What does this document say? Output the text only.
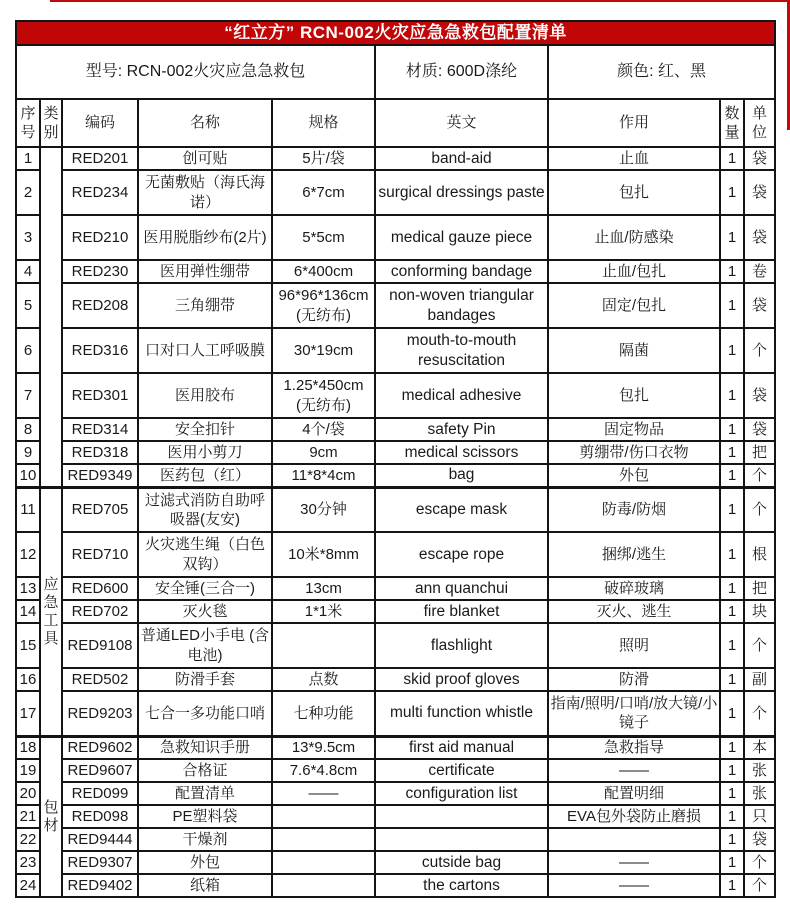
“红立方” RCN-002火灾应急急救包配置清单								
型号: RCN-002火灾应急急救包					材质: 600D涤纶	颜色: 红、黑		
序号	类别	编码	名称	规格	英文	作用	数量	单位
1		RED201	创可贴	5片/袋	band-aid	止血	1	袋
2		RED234	无菌敷贴（海氏海诺）	6*7cm	surgical dressings paste	包扎	1	袋
3		RED210	医用脱脂纱布(2片)	5*5cm	medical gauze piece	止血/防感染	1	袋
4		RED230	医用弹性绷带	6*400cm	conforming bandage	止血/包扎	1	卷
5		RED208	三角绷带	96*96*136cm (无纺布)	non-woven triangular bandages	固定/包扎	1	袋
6		RED316	口对口人工呼吸膜	30*19cm	mouth-to-mouth resuscitation	隔菌	1	个
7		RED301	医用胶布	1.25*450cm (无纺布)	medical adhesive	包扎	1	袋
8		RED314	安全扣针	4个/袋	safety Pin	固定物品	1	袋
9		RED318	医用小剪刀	9cm	medical scissors	剪绷带/伤口衣物	1	把
10		RED9349	医药包（红）	11*8*4cm	bag	外包	1	个
11	应急工具	RED705	过滤式消防自助呼吸器(友安)	30分钟	escape mask	防毒/防烟	1	个
12		RED710	火灾逃生绳（白色双钩）	10米*8mm	escape rope	捆绑/逃生	1	根
13		RED600	安全锤(三合一)	13cm	ann quanchui	破碎玻璃	1	把
14		RED702	灭火毯	1*1米	fire blanket	灭火、逃生	1	块
15		RED9108	普通LED小手电 (含电池)		flashlight	照明	1	个
16		RED502	防滑手套	点数	skid proof gloves	防滑	1	副
17		RED9203	七合一多功能口哨	七种功能	multi function whistle	指南/照明/口哨/放大镜/小镜子	1	个
18	包材	RED9602	急救知识手册	13*9.5cm	first aid manual	急救指导	1	本
19		RED9607	合格证	7.6*4.8cm	certificate	——	1	张
20		RED099	配置清单	——	configuration list	配置明细	1	张
21		RED098	PE塑料袋			EVA包外袋防止磨损	1	只
22		RED9444	干燥剂				1	袋
23		RED9307	外包		cutside bag	——	1	个
24		RED9402	纸箱		the cartons	——	1	个
